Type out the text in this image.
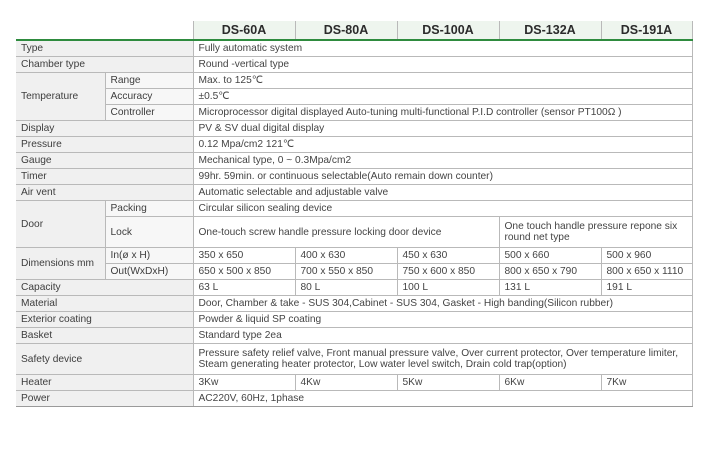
		DS-60A	DS-80A	DS-100A	DS-132A	DS-191A
Type		Fully automatic system				
Chamber type		Round -vertical type				
Temperature	Range	Max. to 125℃				
	Accuracy	±0.5℃				
	Controller	Microprocessor digital displayed Auto-tuning multi-functional P.I.D controller (sensor PT100Ω )				
Display		PV & SV dual digital display				
Pressure		0.12 Mpa/cm2 121℃				
Gauge		Mechanical type, 0 ~ 0.3Mpa/cm2				
Timer		99hr. 59min. or continuous selectable(Auto remain down counter)				
Air vent		Automatic selectable and adjustable valve				
Door	Packing	Circular silicon sealing device				
	Lock	One-touch screw handle pressure locking door device			One touch handle pressure repone six round net type	
Dimensions mm	In(ø x H)	350 x 650	400 x 630	450 x 630	500 x 660	500 x 960
	Out(WxDxH)	650 x 500 x 850	700 x 550 x 850	750 x 600 x 850	800 x 650 x 790	800 x 650 x 1110
Capacity		63 L	80 L	100 L	131 L	191 L
Material		Door, Chamber & take - SUS 304,Cabinet - SUS 304, Gasket - High banding(Silicon rubber)				
Exterior coating		Powder & liquid SP coating				
Basket		Standard type 2ea				
Safety device		Pressure safety relief valve, Front manual pressure valve, Over current protector, Over temperature limiter, Steam generating heater protector, Low water level switch, Drain cold trap(option)				
Heater		3Kw	4Kw	5Kw	6Kw	7Kw
Power		AC220V, 60Hz, 1phase				
